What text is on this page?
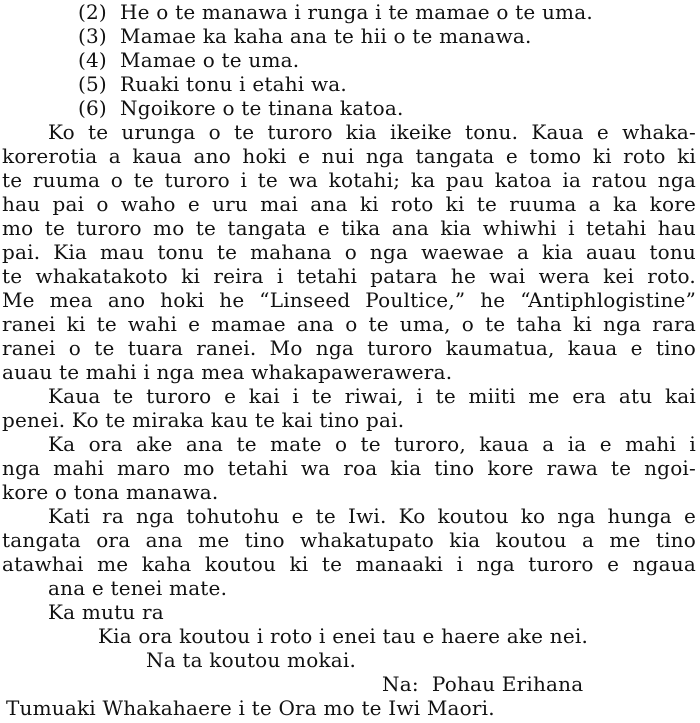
(2)  He o te manawa i runga i te mamae o te uma.
(3)  Mamae ka kaha ana te hii o te manawa.
(4)  Mamae o te uma.
(5)  Ruaki tonu i etahi wa.
(6)  Ngoikore o te tinana katoa.
Ko te urunga o te turoro kia ikeike tonu. Kaua e whaka-
korerotia a kaua ano hoki e nui nga tangata e tomo ki roto ki
te ruuma o te turoro i te wa kotahi; ka pau katoa ia ratou nga
hau pai o waho e uru mai ana ki roto ki te ruuma a ka kore
mo te turoro mo te tangata e tika ana kia whiwhi i tetahi hau
pai. Kia mau tonu te mahana o nga waewae a kia auau tonu
te whakatakoto ki reira i tetahi patara he wai wera kei roto.
Me mea ano hoki he “Linseed Poultice,” he “Antiphlogistine”
ranei ki te wahi e mamae ana o te uma, o te taha ki nga rara
ranei o te tuara ranei. Mo nga turoro kaumatua, kaua e tino
auau te mahi i nga mea whakapawerawera.
Kaua te turoro e kai i te riwai, i te miiti me era atu kai
penei. Ko te miraka kau te kai tino pai.
Ka ora ake ana te mate o te turoro, kaua a ia e mahi i
nga mahi maro mo tetahi wa roa kia tino kore rawa te ngoi-
kore o tona manawa.
Kati ra nga tohutohu e te Iwi. Ko koutou ko nga hunga e
tangata ora ana me tino whakatupato kia koutou a me tino
atawhai me kaha koutou ki te manaaki i nga turoro e ngaua
ana e tenei mate.
Ka mutu ra
Kia ora koutou i roto i enei tau e haere ake nei.
Na ta koutou mokai.
Na:  Pohau Erihana
Tumuaki Whakahaere i te Ora mo te Iwi Maori.
